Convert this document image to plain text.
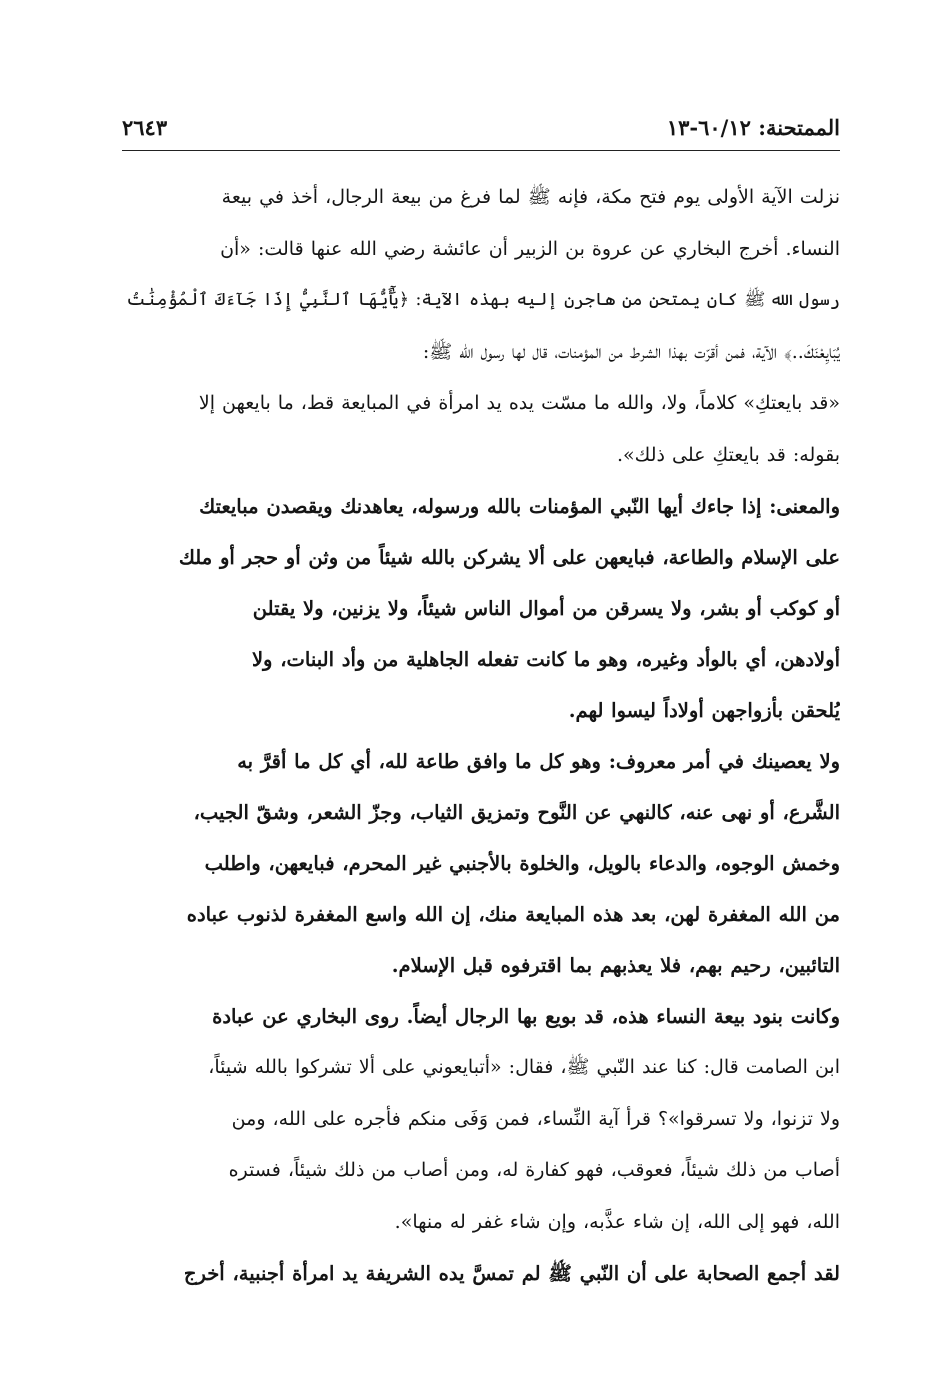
الممتحنة: ٦٠/١٢-١٣
٢٦٤٣

نزلت الآية الأولى يوم فتح مكة، فإنه ﷺ لما فرغ من بيعة الرجال، أخذ في بيعة
النساء. أخرج البخاري عن عروة بن الزبير أن عائشة رضي الله عنها قالت: «أن
رسول الله ﷺ كان يمتحن من هاجرن إليه بهذه الآية: ﴿يَٰٓأَيُّهَا ٱلنَّبِيُّ إِذَا جَآءَكَ ٱلْمُؤْمِنَٰتُ
يُبَايِعْنَكَ..﴾ الآية، فمن أقرّت بهذا الشرط من المؤمنات، قال لها رسول الله ﷺ:
«قد بايعتكِ» كلاماً، ولا، والله ما مسّت يده يد امرأة في المبايعة قط، ما بايعهن إلا
بقوله: قد بايعتكِ على ذلك».

والمعنى: إذا جاءك أيها النّبي المؤمنات بالله ورسوله، يعاهدنك ويقصدن مبايعتك
على الإسلام والطاعة، فبايعهن على ألا يشركن بالله شيئاً من وثن أو حجر أو ملك
أو كوكب أو بشر، ولا يسرقن من أموال الناس شيئاً، ولا يزنين، ولا يقتلن
أولادهن، أي بالوأد وغيره، وهو ما كانت تفعله الجاهلية من وأد البنات، ولا
يُلحقن بأزواجهن أولاداً ليسوا لهم.

ولا يعصينك في أمر معروف: وهو كل ما وافق طاعة لله، أي كل ما أقرَّ به
الشَّرع، أو نهى عنه، كالنهي عن النَّوح وتمزيق الثياب، وجزّ الشعر، وشقّ الجيب،
وخمش الوجوه، والدعاء بالويل، والخلوة بالأجنبي غير المحرم، فبايعهن، واطلب
من الله المغفرة لهن، بعد هذه المبايعة منك، إن الله واسع المغفرة لذنوب عباده
التائبين، رحيم بهم، فلا يعذبهم بما اقترفوه قبل الإسلام.

وكانت بنود بيعة النساء هذه، قد بويع بها الرجال أيضاً. روى البخاري عن عبادة
ابن الصامت قال: كنا عند النّبي ﷺ، فقال: «أتبايعوني على ألا تشركوا بالله شيئاً،
ولا تزنوا، ولا تسرقوا»؟ قرأ آية النِّساء، فمن وَفَى منكم فأجره على الله، ومن
أصاب من ذلك شيئاً، فعوقب، فهو كفارة له، ومن أصاب من ذلك شيئاً، فستره
الله، فهو إلى الله، إن شاء عذَّبه، وإن شاء غفر له منها».

لقد أجمع الصحابة على أن النّبي ﷺ لم تمسَّ يده الشريفة يد امرأة أجنبية، أخرج
